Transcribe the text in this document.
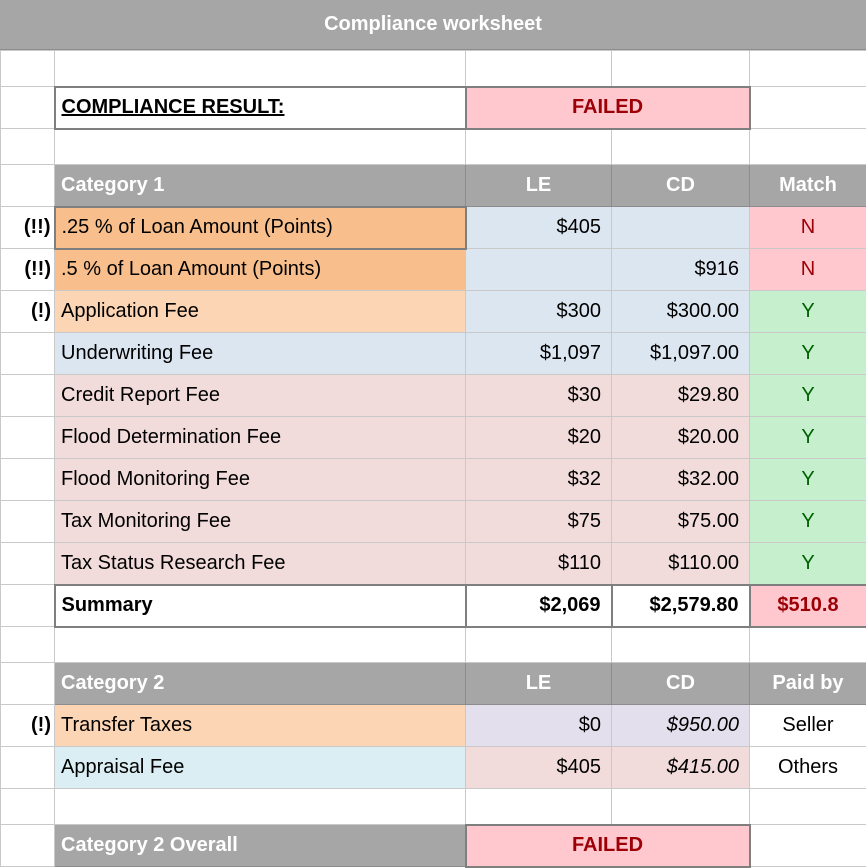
Compliance worksheet

	COMPLIANCE RESULT:	FAILED		

	Category 1	LE	CD	Match
(!!)	.25 % of Loan Amount (Points)	$405		N
(!!)	.5 % of Loan Amount (Points)		$916	N
(!)	Application Fee	$300	$300.00	Y
	Underwriting Fee	$1,097	$1,097.00	Y
	Credit Report Fee	$30	$29.80	Y
	Flood Determination Fee	$20	$20.00	Y
	Flood Monitoring Fee	$32	$32.00	Y
	Tax Monitoring Fee	$75	$75.00	Y
	Tax Status Research Fee	$110	$110.00	Y
	Summary	$2,069	$2,579.80	$510.8

	Category 2	LE	CD	Paid by
(!)	Transfer Taxes	$0	$950.00	Seller
	Appraisal Fee	$405	$415.00	Others

	Category 2 Overall	FAILED		
